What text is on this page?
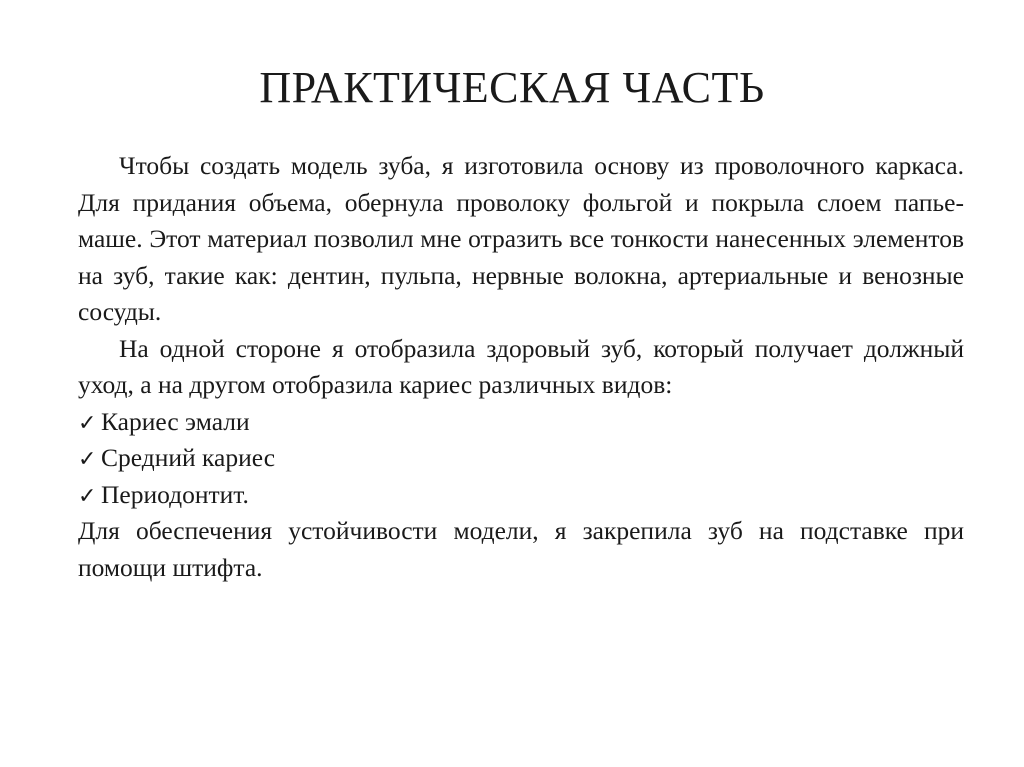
ПРАКТИЧЕСКАЯ ЧАСТЬ

Чтобы создать модель зуба, я изготовила основу из проволочного каркаса. Для придания объема, обернула проволоку фольгой и покрыла слоем папье-маше. Этот материал позволил мне отразить все тонкости нанесенных элементов на зуб, такие как: дентин, пульпа, нервные волокна, артериальные и венозные сосуды.

На одной стороне я отобразила здоровый зуб, который получает должный уход, а на другом отобразила кариес различных видов:

✓ Кариес эмали
✓ Средний кариес
✓ Периодонтит.

Для обеспечения устойчивости модели, я закрепила зуб на подставке при помощи штифта.
